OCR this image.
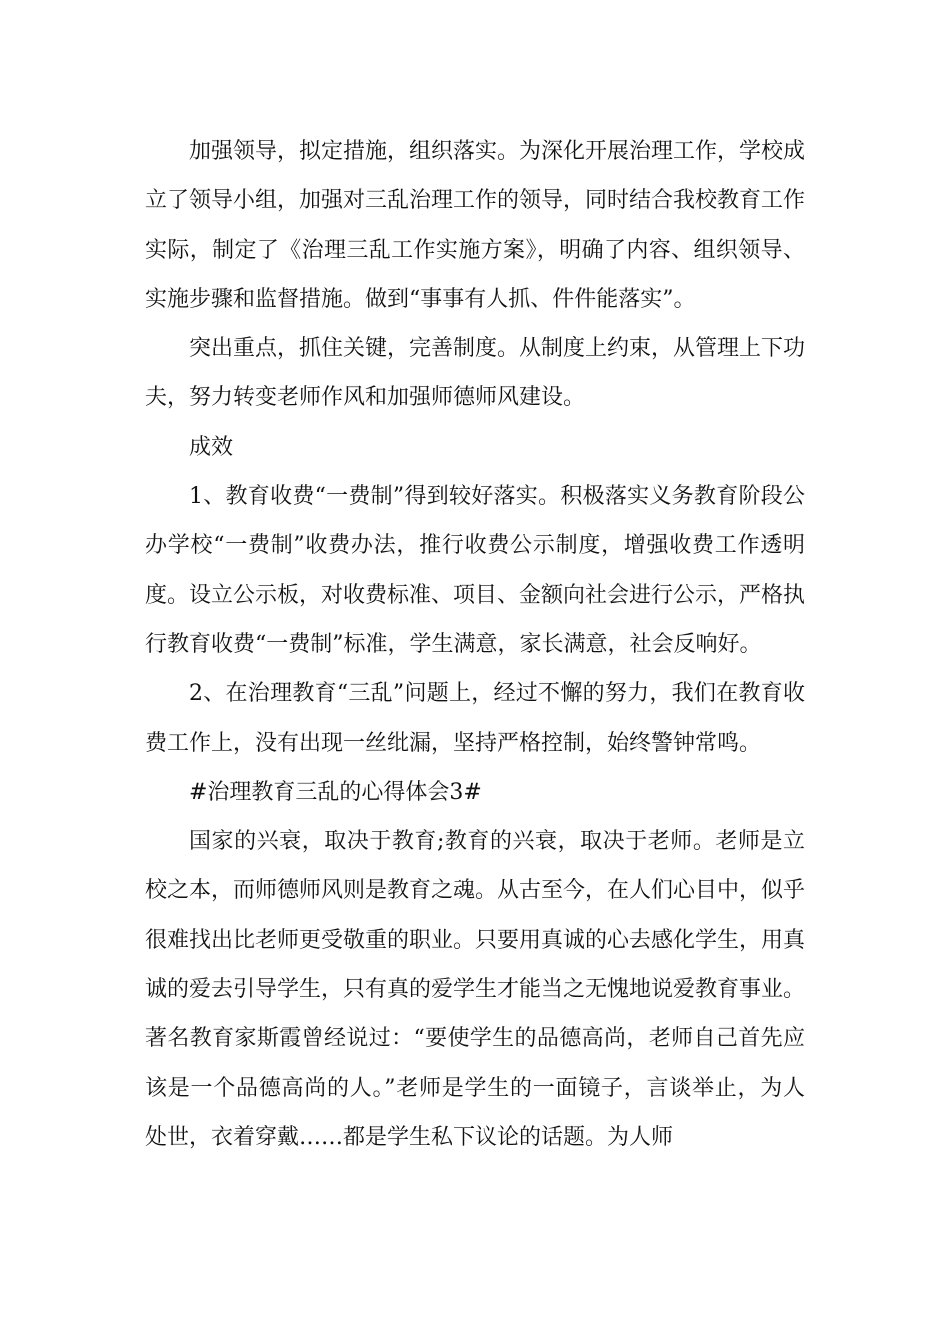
加强领导，拟定措施，组织落实。为深化开展治理工作，学校成立了领导小组，加强对三乱治理工作的领导，同时结合我校教育工作实际，制定了《治理三乱工作实施方案》，明确了内容、组织领导、实施步骤和监督措施。做到“事事有人抓、件件能落实”。

突出重点，抓住关键，完善制度。从制度上约束，从管理上下功夫，努力转变老师作风和加强师德师风建设。

成效

1、教育收费“一费制”得到较好落实。积极落实义务教育阶段公办学校“一费制”收费办法，推行收费公示制度，增强收费工作透明度。设立公示板，对收费标准、项目、金额向社会进行公示，严格执行教育收费“一费制”标准，学生满意，家长满意，社会反响好。

2、在治理教育“三乱”问题上，经过不懈的努力，我们在教育收费工作上，没有出现一丝纰漏，坚持严格控制，始终警钟常鸣。

#治理教育三乱的心得体会3#

国家的兴衰，取决于教育;教育的兴衰，取决于老师。老师是立校之本，而师德师风则是教育之魂。从古至今，在人们心目中，似乎很难找出比老师更受敬重的职业。只要用真诚的心去感化学生，用真诚的爱去引导学生，只有真的爱学生才能当之无愧地说爱教育事业。著名教育家斯霞曾经说过：“要使学生的品德高尚，老师自己首先应该是一个品德高尚的人。”老师是学生的一面镜子，言谈举止，为人处世，衣着穿戴……都是学生私下议论的话题。为人师
